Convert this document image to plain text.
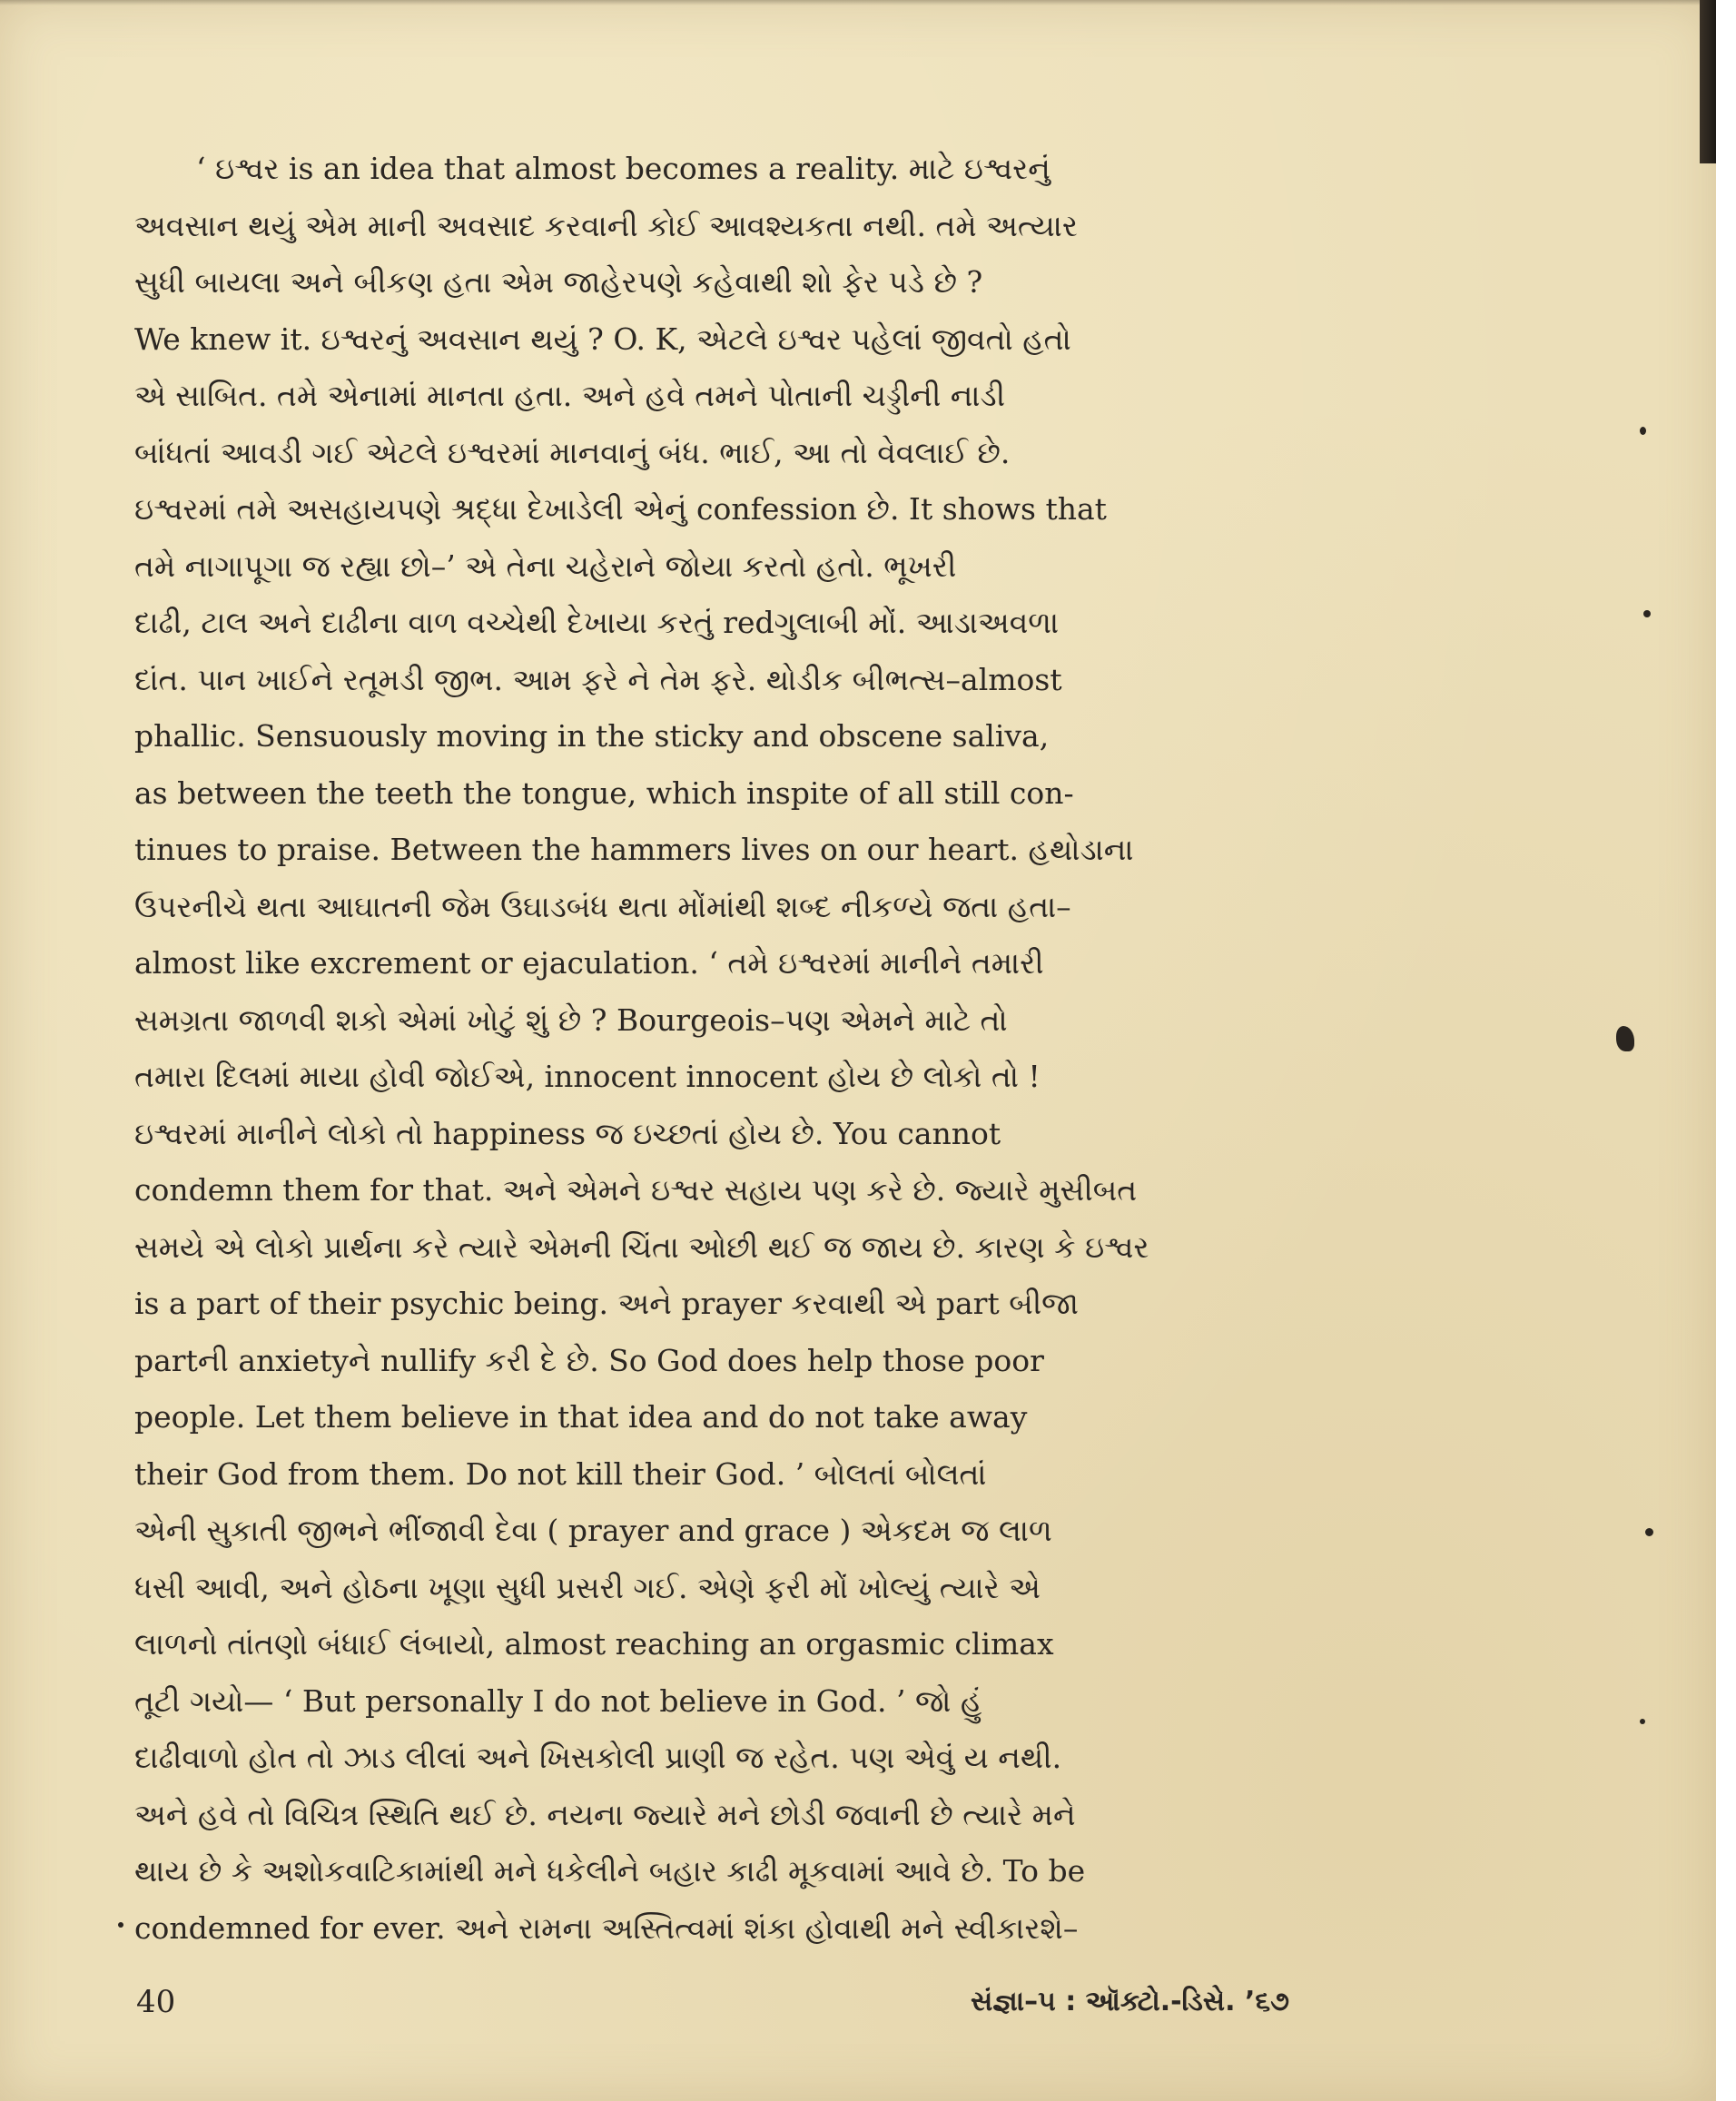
‘ ઇશ્વર is an idea that almost becomes a reality. માટે ઇશ્વરનું
અવસાન થયું એમ માની અવસાદ કરવાની કોઈ આવશ્યકતા નથી. તમે અત્યાર
સુધી બાયલા અને બીકણ હતા એમ જાહેરપણે કહેવાથી શો ફેર પડે છે ?
We knew it. ઇશ્વરનું અવસાન થયું ? O. K, એટલે ઇશ્વર પહેલાં જીવતો હતો
એ સાબિત. તમે એનામાં માનતા હતા. અને હવે તમને પોતાની ચડ્ડીની નાડી
બાંધતાં આવડી ગઈ એટલે ઇશ્વરમાં માનવાનું બંધ. ભાઈ, આ તો વેવલાઈ છે.
ઇશ્વરમાં તમે અસહાયપણે શ્રદ્ધા દેખાડેલી એનું confession છે. It shows that
તમે નાગાપૂગા જ રહ્યા છો–’ એ તેના ચહેરાને જોયા કરતો હતો. ભૂખરી
દાઢી, ટાલ અને દાઢીના વાળ વચ્ચેથી દેખાયા કરતું redગુલાબી મોં. આડાઅવળા
દાંત. પાન ખાઈને રતૂમડી જીભ. આમ ફરે ને તેમ ફરે. થોડીક બીભત્સ–almost
phallic. Sensuously moving in the sticky and obscene saliva,
as between the teeth the tongue, which inspite of all still con-
tinues to praise. Between the hammers lives on our heart. હથોડાના
ઉપરનીચે થતા આઘાતની જેમ ઉઘાડબંધ થતા મોંમાંથી શબ્દ નીકળ્યે જતા હતા–
almost like excrement or ejaculation. ‘ તમે ઇશ્વરમાં માનીને તમારી
સમગ્રતા જાળવી શકો એમાં ખોટું શું છે ? Bourgeois–પણ એમને માટે તો
તમારા દિલમાં માયા હોવી જોઈએ, innocent innocent હોય છે લોકો તો !
ઇશ્વરમાં માનીને લોકો તો happiness જ ઇચ્છતાં હોય છે. You cannot
condemn them for that. અને એમને ઇશ્વર સહાય પણ કરે છે. જ્યારે મુસીબત
સમયે એ લોકો પ્રાર્થના કરે ત્યારે એમની ચિંતા ઓછી થઈ જ જાય છે. કારણ કે ઇશ્વર
is a part of their psychic being. અને prayer કરવાથી એ part બીજા
partની anxietyને nullify કરી દે છે. So God does help those poor
people. Let them believe in that idea and do not take away
their God from them. Do not kill their God. ’ બોલતાં બોલતાં
એની સુકાતી જીભને ભીંજાવી દેવા ( prayer and grace ) એકદમ જ લાળ
ધસી આવી, અને હોઠના ખૂણા સુધી પ્રસરી ગઈ. એણે ફરી મોં ખોલ્યું ત્યારે એ
લાળનો તાંતણો બંધાઈ લંબાયો, almost reaching an orgasmic climax
તૂટી ગયો— ‘ But personally I do not believe in God. ’ જો હું
દાઢીવાળો હોત તો ઝાડ લીલાં અને ખિસકોલી પ્રાણી જ રહેત. પણ એવું ય નથી.
અને હવે તો વિચિત્ર સ્થિતિ થઈ છે. નયના જ્યારે મને છોડી જવાની છે ત્યારે મને
થાય છે કે અશોકવાટિકામાંથી મને ધકેલીને બહાર કાઢી મૂકવામાં આવે છે. To be
condemned for ever. અને રામના અસ્તિત્વમાં શંકા હોવાથી મને સ્વીકારશે–
40	સંજ્ઞા–૫ : ઑક્ટો.-ડિસે. ’૬૭
